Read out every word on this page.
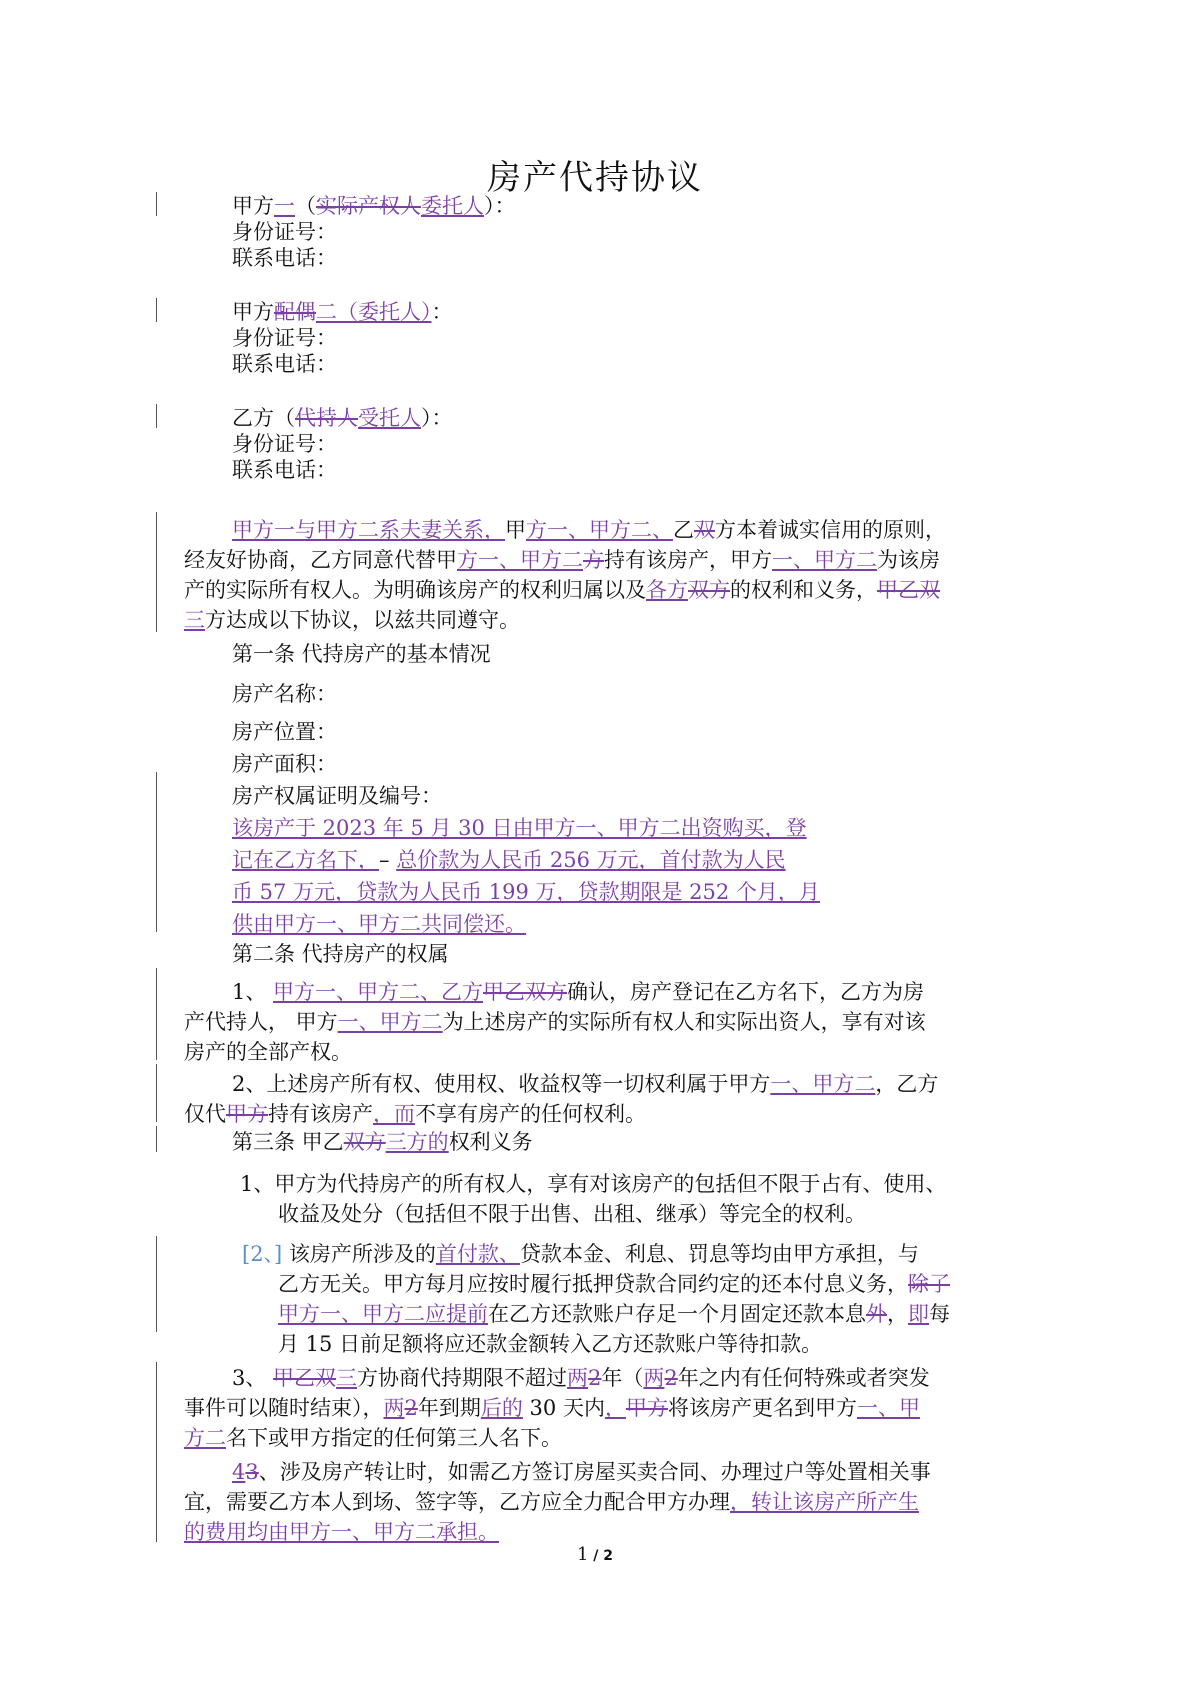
房产代持协议
甲方一（实际产权人委托人）：
身份证号：
联系电话：
甲方配偶二（委托人）：
身份证号：
联系电话：
乙方（代持人受托人）：
身份证号：
联系电话：
甲方一与甲方二系夫妻关系，甲方一、甲方二、乙双方本着诚实信用的原则，
经友好协商，乙方同意代替甲方一、甲方二方持有该房产，甲方一、甲方二为该房
产的实际所有权人。为明确该房产的权利归属以及各方双方的权利和义务，甲乙双
三方达成以下协议，以兹共同遵守。
第一条 代持房产的基本情况
房产名称：
房产位置：
房产面积：
房产权属证明及编号：
该房产于 2023 年 5 月 30 日由甲方一、甲方二出资购买，登
记在乙方名下，– 总价款为人民币 256 万元，首付款为人民
币 57 万元，贷款为人民币 199 万，贷款期限是 252 个月，月
供由甲方一、甲方二共同偿还。
第二条 代持房产的权属
1、 甲方一、甲方二、乙方甲乙双方确认，房产登记在乙方名下，乙方为房
产代持人， 甲方一、甲方二为上述房产的实际所有权人和实际出资人，享有对该
房产的全部产权。
2、上述房产所有权、使用权、收益权等一切权利属于甲方一、甲方二，乙方
仅代甲方持有该房产，而不享有房产的任何权利。
第三条 甲乙双方三方的权利义务
1、甲方为代持房产的所有权人，享有对该房产的包括但不限于占有、使用、
收益及处分（包括但不限于出售、出租、继承）等完全的权利。
[2、] 该房产所涉及的首付款、贷款本金、利息、罚息等均由甲方承担，与
乙方无关。甲方每月应按时履行抵押贷款合同约定的还本付息义务，除了
甲方一、甲方二应提前在乙方还款账户存足一个月固定还款本息外，即每
月 15 日前足额将应还款金额转入乙方还款账户等待扣款。
3、 甲乙双三方协商代持期限不超过两2年（两2年之内有任何特殊或者突发
事件可以随时结束），两2年到期后的 30 天内，甲方将该房产更名到甲方一、甲
方二名下或甲方指定的任何第三人名下。
43、涉及房产转让时，如需乙方签订房屋买卖合同、办理过户等处置相关事
宜，需要乙方本人到场、签字等，乙方应全力配合甲方办理，转让该房产所产生
的费用均由甲方一、甲方二承担。
1 / 2
